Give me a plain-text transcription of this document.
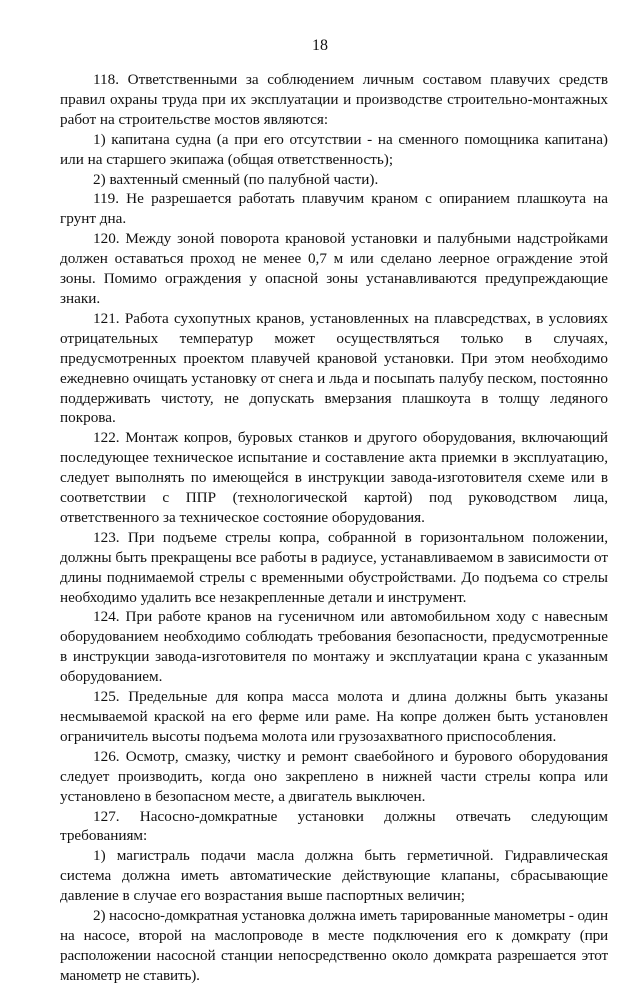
18

118. Ответственными за соблюдением личным составом плавучих средств правил охраны труда при их эксплуатации и производстве строительно-монтажных работ на строительстве мостов являются:

1) капитана судна (а при его отсутствии - на сменного помощника капитана) или на старшего экипажа (общая ответственность);

2) вахтенный сменный (по палубной части).

119. Не разрешается работать плавучим краном с опиранием плашкоута на грунт дна.

120. Между зоной поворота крановой установки и палубными надстройками должен оставаться проход не менее 0,7 м или сделано леерное ограждение этой зоны. Помимо ограждения у опасной зоны устанавливаются предупреждающие знаки.

121. Работа сухопутных кранов, установленных на плавсредствах, в условиях отрицательных температур может осуществляться только в случаях, предусмотренных проектом плавучей крановой установки. При этом необходимо ежедневно очищать установку от снега и льда и посыпать палубу песком, постоянно поддерживать чистоту, не допускать вмерзания плашкоута в толщу ледяного покрова.

122. Монтаж копров, буровых станков и другого оборудования, включающий последующее техническое испытание и составление акта приемки в эксплуатацию, следует выполнять по имеющейся в инструкции завода-изготовителя схеме или в соответствии с ППР (технологической картой) под руководством лица, ответственного за техническое состояние оборудования.

123. При подъеме стрелы копра, собранной в горизонтальном положении, должны быть прекращены все работы в радиусе, устанавливаемом в зависимости от длины поднимаемой стрелы с временными обустройствами. До подъема со стрелы необходимо удалить все незакрепленные детали и инструмент.

124. При работе кранов на гусеничном или автомобильном ходу с навесным оборудованием необходимо соблюдать требования безопасности, предусмотренные в инструкции завода-изготовителя по монтажу и эксплуатации крана с указанным оборудованием.

125. Предельные для копра масса молота и длина должны быть указаны несмываемой краской на его ферме или раме. На копре должен быть установлен ограничитель высоты подъема молота или грузозахватного приспособления.

126. Осмотр, смазку, чистку и ремонт сваебойного и бурового оборудования следует производить, когда оно закреплено в нижней части стрелы копра или установлено в безопасном месте, а двигатель выключен.

127. Насосно-домкратные установки должны отвечать следующим требованиям:

1) магистраль подачи масла должна быть герметичной. Гидравлическая система должна иметь автоматические действующие клапаны, сбрасывающие давление в случае его возрастания выше паспортных величин;

2) насосно-домкратная установка должна иметь тарированные манометры - один на насосе, второй на маслопроводе в месте подключения его к домкрату (при расположении насосной станции непосредственно около домкрата разрешается этот манометр не ставить).
